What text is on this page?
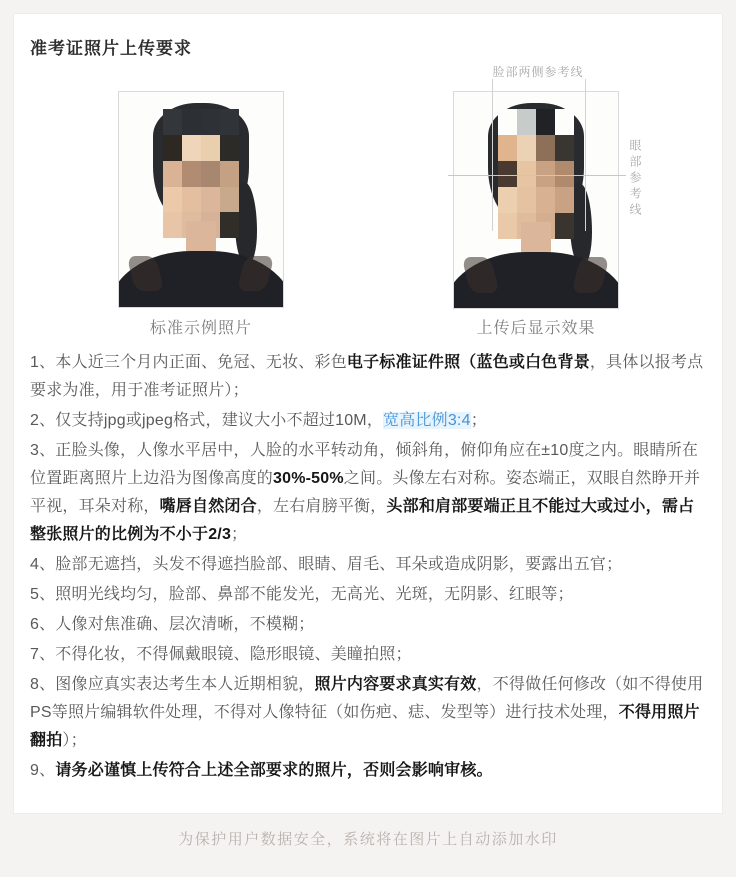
准考证照片上传要求
脸部两侧参考线
眼部参考线
标准示例照片	上传后显示效果

1、本人近三个月内正面、免冠、无妆、彩色电子标准证件照（蓝色或白色背景，具体以报考点要求为准，用于准考证照片）；

2、仅支持jpg或jpeg格式，建议大小不超过10M，宽高比例3:4；

3、正脸头像，人像水平居中，人脸的水平转动角，倾斜角，俯仰角应在±10度之内。眼睛所在位置距离照片上边沿为图像高度的30%-50%之间。头像左右对称。姿态端正，双眼自然睁开并平视，耳朵对称，嘴唇自然闭合，左右肩膀平衡，头部和肩部要端正且不能过大或过小，需占整张照片的比例为不小于2/3；

4、脸部无遮挡，头发不得遮挡脸部、眼睛、眉毛、耳朵或造成阴影，要露出五官；

5、照明光线均匀，脸部、鼻部不能发光，无高光、光斑，无阴影、红眼等；

6、人像对焦准确、层次清晰，不模糊；

7、不得化妆，不得佩戴眼镜、隐形眼镜、美瞳拍照；

8、图像应真实表达考生本人近期相貌，照片内容要求真实有效，不得做任何修改（如不得使用PS等照片编辑软件处理，不得对人像特征（如伤疤、痣、发型等）进行技术处理，不得用照片翻拍）；

9、请务必谨慎上传符合上述全部要求的照片，否则会影响审核。

为保护用户数据安全，系统将在图片上自动添加水印
